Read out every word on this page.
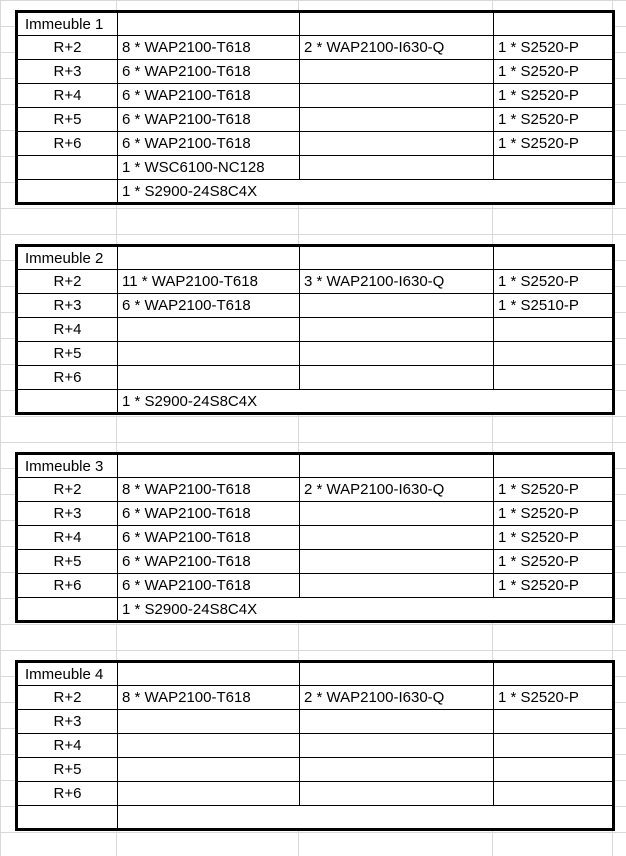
Immeuble 1			
R+2	8 * WAP2100-T618	2 * WAP2100-I630-Q	1 * S2520-P
R+3	6 * WAP2100-T618		1 * S2520-P
R+4	6 * WAP2100-T618		1 * S2520-P
R+5	6 * WAP2100-T618		1 * S2520-P
R+6	6 * WAP2100-T618		1 * S2520-P
	1 * WSC6100-NC128		
	1 * S2900-24S8C4X		
Immeuble 2			
R+2	11 * WAP2100-T618	3 * WAP2100-I630-Q	1 * S2520-P
R+3	6 * WAP2100-T618		1 * S2510-P
R+4			
R+5			
R+6			
	1 * S2900-24S8C4X		
Immeuble 3			
R+2	8 * WAP2100-T618	2 * WAP2100-I630-Q	1 * S2520-P
R+3	6 * WAP2100-T618		1 * S2520-P
R+4	6 * WAP2100-T618		1 * S2520-P
R+5	6 * WAP2100-T618		1 * S2520-P
R+6	6 * WAP2100-T618		1 * S2520-P
	1 * S2900-24S8C4X		
Immeuble 4			
R+2	8 * WAP2100-T618	2 * WAP2100-I630-Q	1 * S2520-P
R+3			
R+4			
R+5			
R+6			
